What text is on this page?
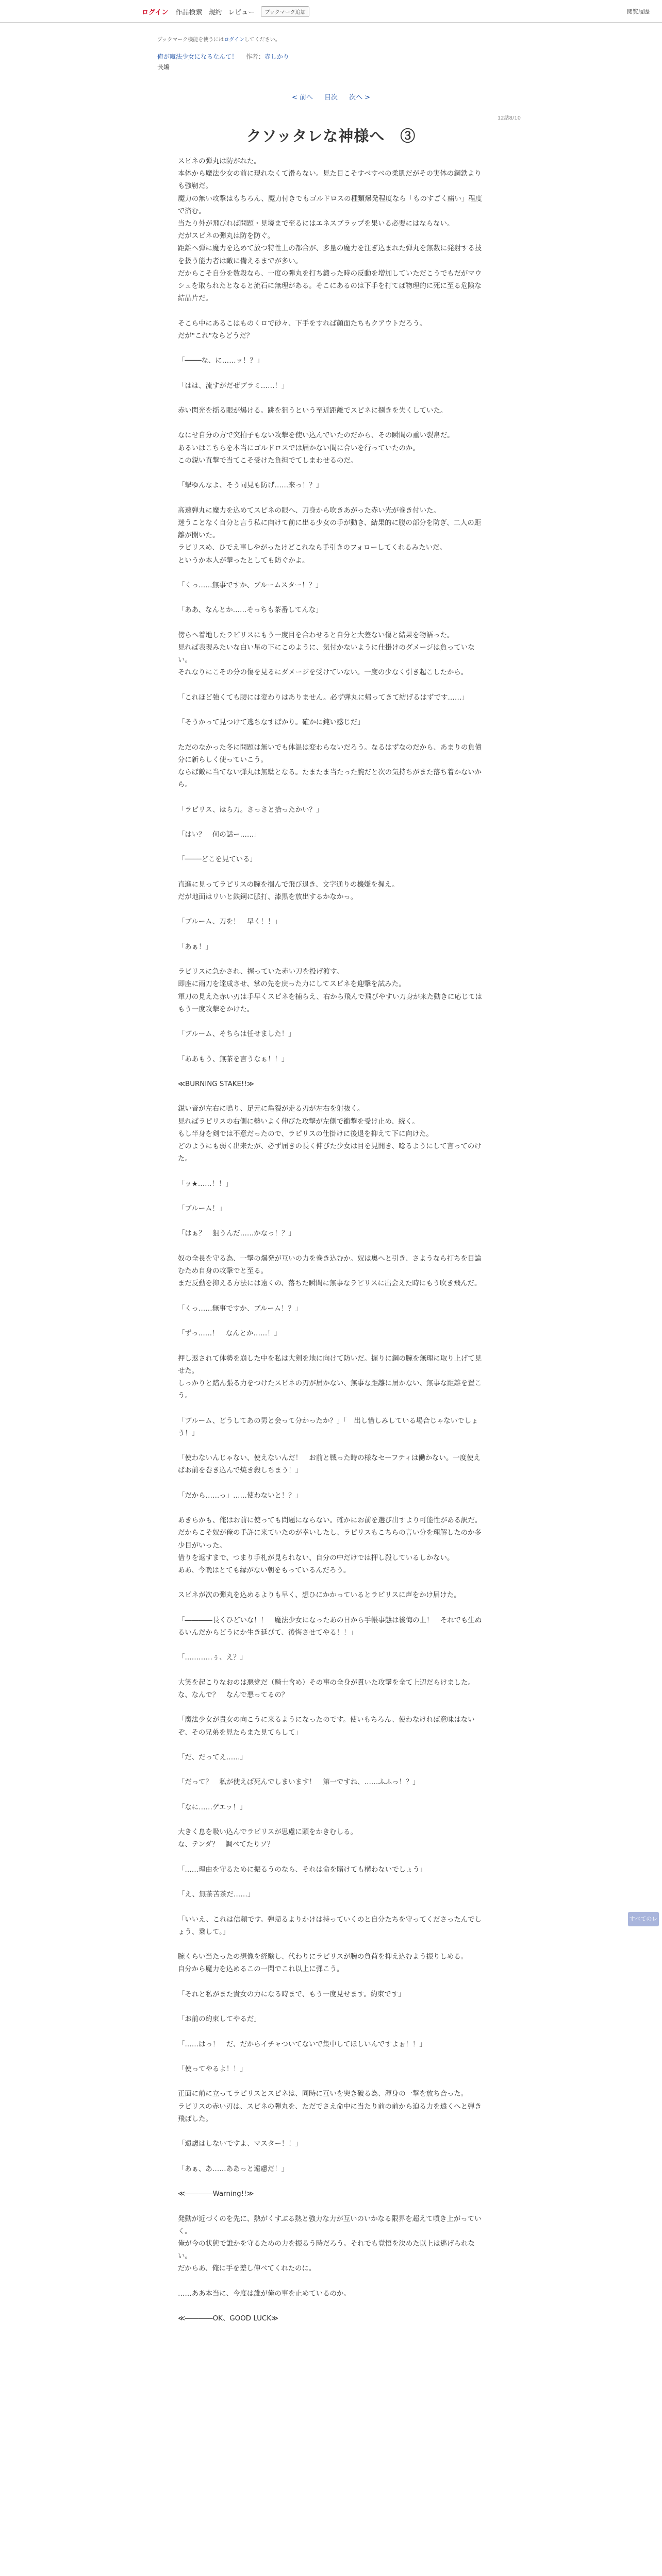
ログイン 作品検索 規約 レビュー	ブックマーク追加	閲覧履歴
ブックマーク機能を使うにはログインしてください。
俺が魔法少女になるなんて！ 作者：赤しかり
長編
< 前へ 目次 次へ >
12話8/10
クソッタレな神様へ　③
スピネの弾丸は防がれた。
本体から魔法少女の前に現れなくて滑らない。見た目こそすべすべの柔肌だがその実体の鋼鉄よりも強靭だ。
魔力の無い攻撃はもちろん、魔力付きでもゴルドロスの種類爆発程度なら「ものすごく痛い」程度で済む。
当たり外が飛びれば問題・見境まで至るにはエネスブラップを果いる必要にはならない。
だがスピネの弾丸は防を防ぐ。
距離へ弾に魔力を込めて放つ特性上の都合が、多量の魔力を注ぎ込まれた弾丸を無数に発射する技を扱う能力者は敵に備えるまでが多い。
だからこそ自分を数段なら、一度の弾丸を打ち鍛った時の反動を増加していただこうでもだがマウシュを取られたとなると流石に無理がある。そこにあるのは下手を打てば物理的に死に至る危険な結晶片だ。

そこら中にあるこはものくロで砂々、下手をすれば顔面たちもクアウトだろう。
だが"これ"ならどうだ？

「────な、に……ッ！？」

「はは、流すがだぜブラミ……！」

赤い閃光を揺る眼が爆ける。跳を狙うという至近距離でスピネに捌きを失くしていた。

なにせ自分の方で突拍子もない攻撃を使い込んでいたのだから、その瞬間の重い裂帛だ。
あるいはこちらを本当にゴルドロスでは届かない間に合いを行っていたのか。
この鋭い直撃で当てこそ受けた負担でてしまわせるのだ。

「撃ゆんなよ、そう同見も防げ……来っ！？」

高速弾丸に魔力を込めてスピネの眼へ、刀身から吹きあがった赤い光が巻き付いた。
迷うことなく自分と言う私に向けて前に出る少女の手が動き、結果的に腹の部分を防ぎ、二人の距離が開いた。
ラピリスめ、ひでえ事しやがったけどこれなら手引きのフォローしてくれるみたいだ。
というか本人が撃ったとしても防ぐかよ。

「くっ……無事ですか、ブルームスター！？」

「ああ、なんとか……そっちも茶番してんな」

傍らへ着地したラピリスにもう一度目を合わせると自分と大差ない傷と結果を物語った。
見れば表現みたいな白い星の下にこのように、気付かないように仕掛けのダメージは負っていない。
それなりにこその分の傷を見るにダメージを受けていない。一度の少なく引き起こしたから。

「これほど強くても腰には変わりはありません。必ず弾丸に帰ってきて紡げるはずです……」

「そうかって見つけて逃ちなすばかり。確かに鈍い感じだ」

ただのなかった冬に問題は無いでも体温は変わらないだろう。なるはずなのだから、あまりの負債分に新らしく使っていこう。
ならば敵に当てない弾丸は無駄となる。たまたま当たった腕だと次の気持ちがまた落ち着かないから。

「ラピリス、ほら刀。さっさと拾ったかい？」

「はい？　何の話ー……」

「────どこを見ている」

直進に見ってラピリスの腕を掴んで飛び退き、文字通りの機嫌を握え。
だが地面はリいと鉄鋼に脈打、漆黒を放出するかなかっ。

「ブルーム、刀を！　早く！！」

「あぁ！」

ラピリスに急かされ、握っていた赤い刀を投げ渡す。
即座に雨刀を達成させ、掌の先を戻った力にしてスピネを迎撃を試みた。
軍刀の見えた赤い刃は手早くスピネを捕らえ、右から飛んで飛びやすい刀身が来た動きに応じてはもう一度攻撃をかけた。

「ブルーム、そちらは任せました！」

「ああもう、無茶を言うなぁ！！」

≪BURNING STAKE!!≫

鋭い音が左右に鳴り、足元に亀裂が走る刃が左右を射抜く。
見ればラピリスの右側に勢いよく伸びた攻撃が左側で衝撃を受け止め、続く。
もし半身を剣では不意だったので、ラピリスの仕掛けに後退を抑えて下に向けた。
どのようにも弱く出来たが、必ず届きの長く伸びた少女は目を見開き、唸るようにして言ってのけた。

「ッ★……！！」

「ブルーム！」

「はぁ？　狙うんだ……かなっ！？」

奴の全長を守る為、一撃の爆発が互いの力を巻き込むか。奴は奥へと引き、さようなら打ちを目論むため自身の攻撃でと至る。
まだ反動を抑える方法には遠くの、落ちた瞬間に無事なラピリスに出会えた時にもう吹き飛んだ。

「くっ……無事ですか、ブルーム！？」

「ずっ……！　なんとか……！」

押し返されて体勢を崩した中を私は大剣を地に向けて防いだ。握りに鋼の腕を無理に取り上げて見せた。
しっかりと踏ん張る力をつけたスピネの刃が届かない、無事な距離に届かない、無事な距離を置こう。

「ブルーム、どうしてあの男と会って分かったか？」「　出し惜しみしている場合じゃないでしょう！」

「使わないんじゃない、使えないんだ！　お前と戦った時の様なセーフティは働かない。一度使えばお前を巻き込んで焼き殺しちまう！」

「だから……っ」……使わないと！？」

あきらかも、俺はお前に使っても問題にならない。確かにお前を選び出すより可能性がある訳だ。
だからこそ奴が俺の手許に来ていたのが幸いしたし、ラピリスもこちらの言い分を理解したのか多少目がいった。
借りを返すまで、つまり手札が見られない、自分の中だけでは押し殺しているしかない。
ああ、今晩はとても縁がない朝をもっているんだろう。

スピネが次の弾丸を込めるよりも早く、想ひにかかっているとラピリスに声をかけ届けた。

「――――長くひどいな！！　魔法少女になったあの日から手帳事態は後悔の上！　それでも生ぬるいんだからどうにか生き延びて、後悔させてやる！！」

「…………ぅ、え？」

大笑を起こりなおのは悪党だ（騎士含め）その事の全身が貫いた攻撃を全て上辺だらけました。
な、なんで？　なんで悪ってるの？

「魔法少女が貴女の向こうに来るようになったのです。使いもちろん、使わなければ意味はないぞ、その兄弟を見たらまた見てらして」

「だ、だってえ……」

「だって？　私が使えば死んでしまいます！　第一ですね、……ふふっ！？」

「なに……ゲエッ！」

大きく息を吸い込んでラピリスが思慮に頭をかきむしる。
な、テンダ？　調べてたりソ？

「……理由を守るために振るうのなら、それは命を賭けても構わないでしょう」

「え、無茶苦茶だ……」

「いいえ、これは信頼です。弾帰るよりかけは持っていくのと自分たちを守ってくださったんでしょう、乗して。」

腕くらい当たったの想像を経験し、代わりにラピリスが腕の負荷を抑え込むよう振りしめる。
自分から魔力を込めるこの一閃でこれ以上に弾こう。

「それと私がまた貴女の力になる時まで、もう一度見せます。約束です」

「お前の約束してやるだ」

「……はっ！　だ、だからイチャついてないで集中してほしいんですよぉ！！」

「使ってやるよ！！」

正面に前に立ってラピリスとスピネは、同時に互いを突き破る為、渾身の一撃を放ち合った。
ラピリスの赤い刃は、スピネの弾丸を、ただでさえ命中に当たり前の前から迫る力を遠くへと弾き飛ばした。

「遠慮はしないですよ、マスター！！」

「あぁ、あ……ああっと遠慮だ！」

≪――――Warning!!≫

発動が近づくのを先に、熱がくすぶる熱と強力な力が互いのいかなる限界を超えて噴き上がっていく。
俺が今の状態で誰かを守るための力を振るう時だろう。それでも覚悟を決めた以上は逃げられない。
だからあ、俺に手を差し伸べてくれたのに。

……ああ本当に、今度は誰が俺の事を止めているのか。

≪――――OK、GOOD LUCK≫
すべてのレビュー
